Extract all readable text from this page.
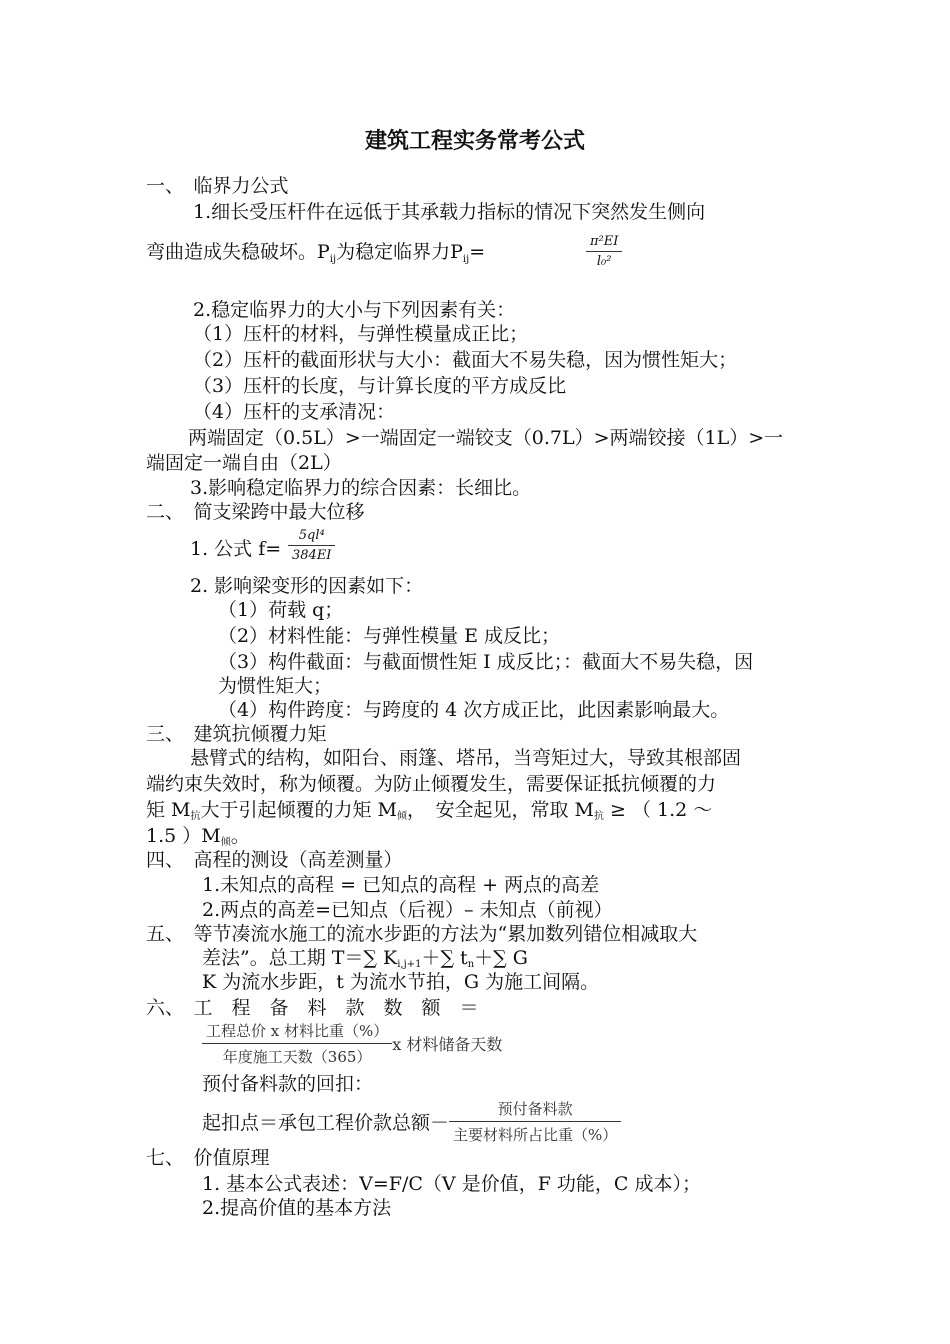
建筑工程实务常考公式
一、　临界力公式
1.细长受压杆件在远低于其承载力指标的情况下突然发生侧向
弯曲造成失稳破坏。$P_{ij}$为稳定临界力$P_{ij}=$	$\frac{\text{π²EI}}{\text{l₀²}}$
2.稳定临界力的大小与下列因素有关：
（1）压杆的材料，与弹性模量成正比；
（2）压杆的截面形状与大小：截面大不易失稳，因为惯性矩大；
（3）压杆的长度，与计算长度的平方成反比
（4）压杆的支承清况：
两端固定（0.5L）>一端固定一端铰支（0.7L）>两端铰接（1L）>一
端固定一端自由（2L）
3.影响稳定临界力的综合因素：长细比。
二、　简支梁跨中最大位移
1. 公式 $f= \frac{\text{5ql⁴}}{384EI}$
2. 影响梁变形的因素如下：
（1）荷载 q；
（2）材料性能：与弹性模量 E 成反比；
（3）构件截面：与截面惯性矩 I 成反比；：截面大不易失稳，因
为惯性矩大；
（4）构件跨度：与跨度的 4 次方成正比，此因素影响最大。
三、　建筑抗倾覆力矩
悬臂式的结构，如阳台、雨篷、塔吊，当弯矩过大，导致其根部固
端约束失效时，称为倾覆。为防止倾覆发生，需要保证抵抗倾覆的力
矩 $M_抗$大于引起倾覆的力矩 $M_倾$，　安全起见，常取 $M_抗$ ≥ （ 1.2 ～
1.5 ）$M_倾$。
四、　高程的测设（高差测量）
1.未知点的高程 = 已知点的高程 + 两点的高差
2.两点的高差=已知点（后视）– 未知点（前视）
五、　等节凑流水施工的流水步距的方法为“累加数列错位相减取大
差法”。总工期 T＝∑ $K_{i,j+1}+\sum$ $t_n+\sum$ G
K 为流水步距，t 为流水节拍，G 为施工间隔。
六、　工　程　备　料　款　数　额　＝
$\frac{\text{工程总价 x 材料比重（\%）}}{\text{年度施工天数（365）}}$ x 材料储备天数
预付备料款的回扣：
起扣点＝承包工程价款总额－ $\frac{\text{预付备料款}}{\text{主要材料所占比重（\%）}}$
七、　价值原理
1. 基本公式表述：V=F/C（V 是价值，F 功能，C 成本）；
2.提高价值的基本方法
